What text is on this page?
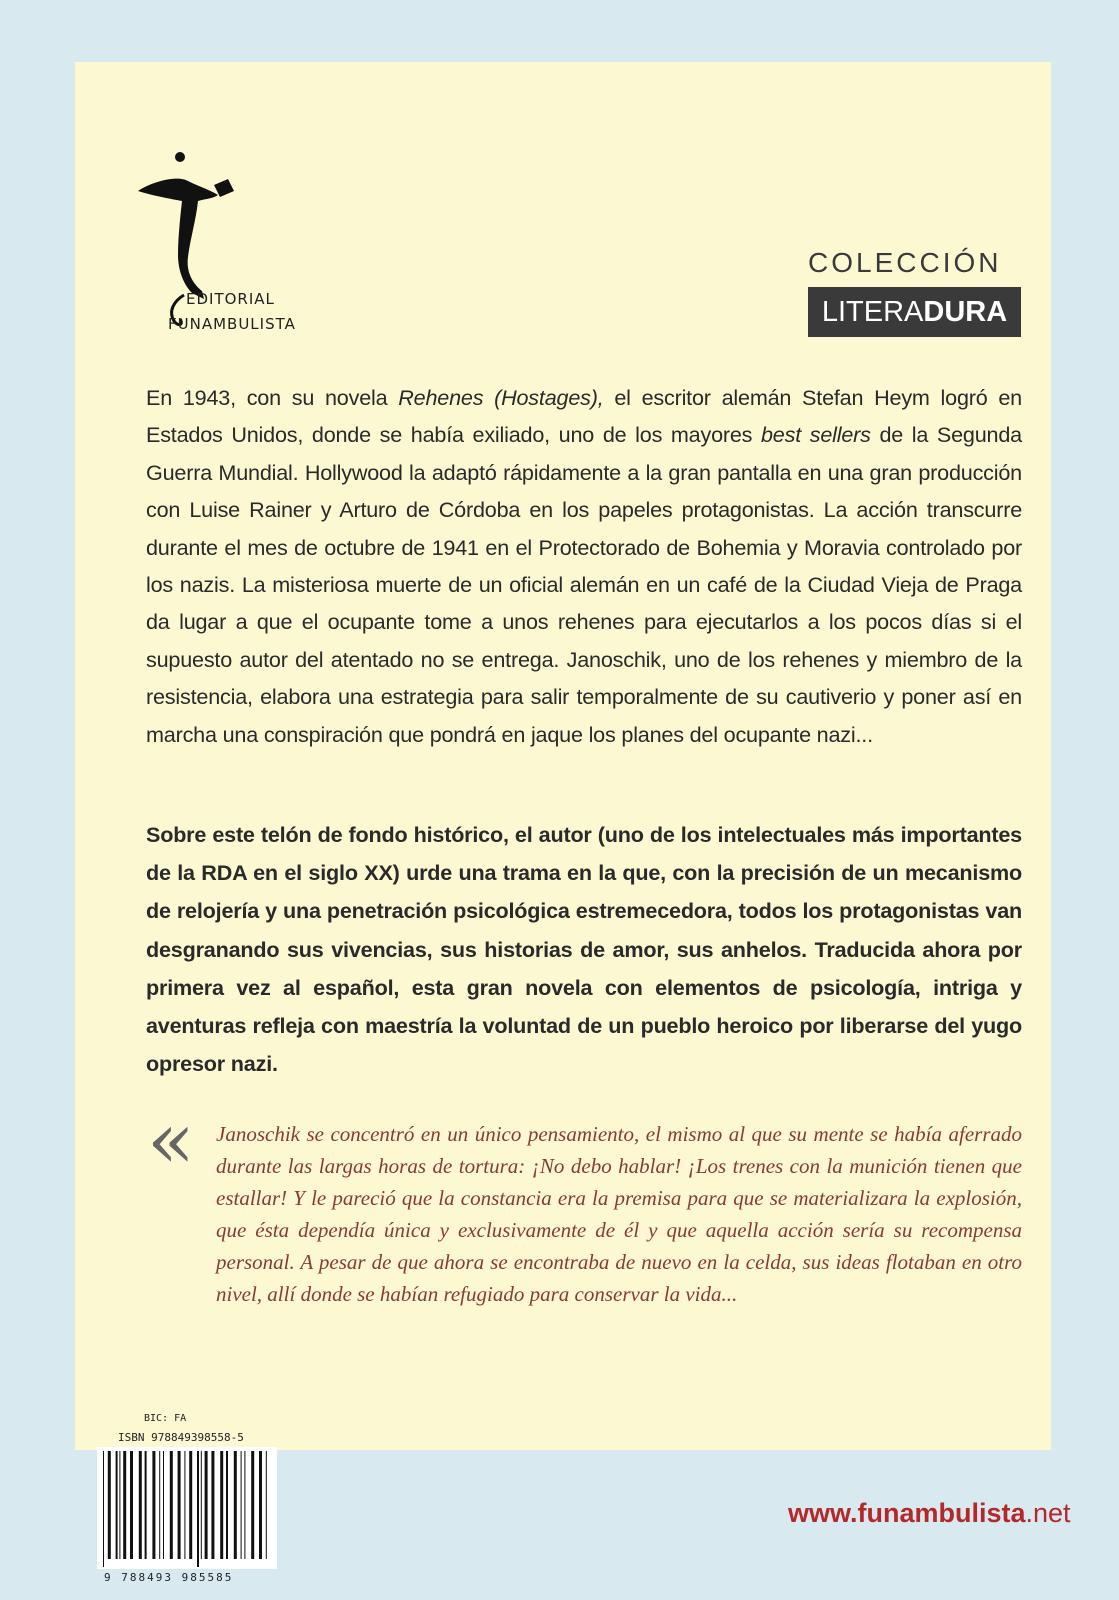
EDITORIAL
FUNAMBULISTA
COLECCIÓN
LITERA DURA

En 1943, con su novela Rehenes (Hostages), el escritor alemán Stefan Heym logró en Estados Unidos, donde se había exiliado, uno de los mayores best sellers de la Segunda Guerra Mundial. Hollywood la adaptó rápidamente a la gran pantalla en una gran producción con Luise Rainer y Arturo de Córdoba en los papeles protagonistas. La acción transcurre durante el mes de octubre de 1941 en el Protectorado de Bohemia y Moravia controlado por los nazis. La misteriosa muerte de un oficial alemán en un café de la Ciudad Vieja de Praga da lugar a que el ocupante tome a unos rehenes para ejecutarlos a los pocos días si el supuesto autor del atentado no se entrega. Janoschik, uno de los rehenes y miembro de la resistencia, elabora una estrategia para salir temporalmente de su cautiverio y poner así en marcha una conspiración que pondrá en jaque los planes del ocupante nazi...

Sobre este telón de fondo histórico, el autor (uno de los intelectuales más importantes de la RDA en el siglo XX) urde una trama en la que, con la precisión de un mecanismo de relojería y una penetración psicológica estremecedora, todos los protagonistas van desgranando sus vivencias, sus historias de amor, sus anhelos. Traducida ahora por primera vez al español, esta gran novela con elementos de psicología, intriga y aventuras refleja con maestría la voluntad de un pueblo heroico por liberarse del yugo opresor nazi.

« Janoschik se concentró en un único pensamiento, el mismo al que su mente se había aferrado durante las largas horas de tortura: ¡No debo hablar! ¡Los trenes con la munición tienen que estallar! Y le pareció que la constancia era la premisa para que se materializara la explosión, que ésta dependía única y exclusivamente de él y que aquella acción sería su recompensa personal. A pesar de que ahora se encontraba de nuevo en la celda, sus ideas flotaban en otro nivel, allí donde se habían refugiado para conservar la vida...

BIC: FA
ISBN 978849398558-5
9 788493 985585
www.funambulista.net
